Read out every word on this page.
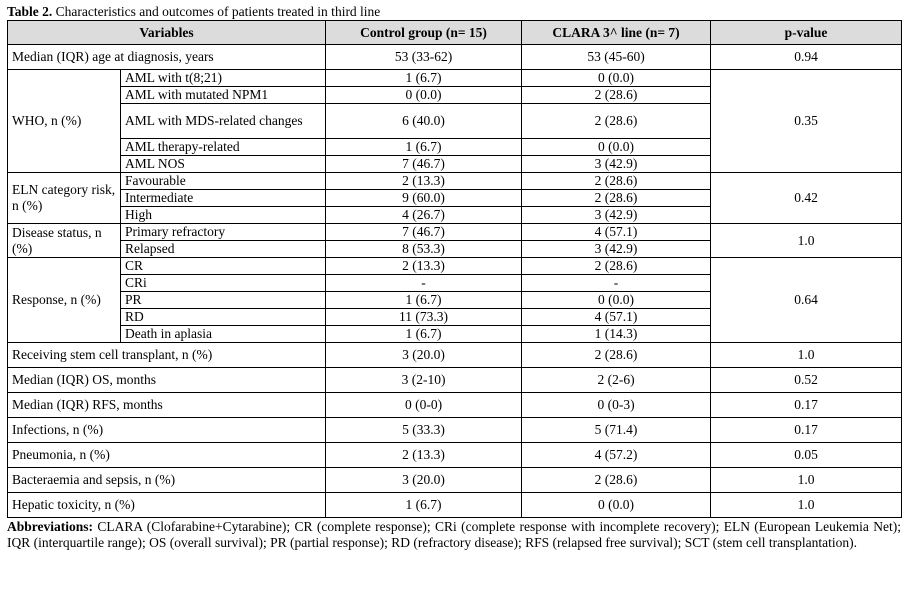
Table 2. Characteristics and outcomes of patients treated in third line
Variables		Control group (n= 15)	CLARA 3^ line (n= 7)	p-value
Median (IQR) age at diagnosis, years		53 (33-62)	53 (45-60)	0.94
WHO, n (%)	AML with t(8;21)	1 (6.7)	0 (0.0)	0.35
	AML with mutated NPM1	0 (0.0)	2 (28.6)	
	AML with MDS-related changes	6 (40.0)	2 (28.6)	
	AML therapy-related	1 (6.7)	0 (0.0)	
	AML NOS	7 (46.7)	3 (42.9)	
ELN category risk, n (%)	Favourable	2 (13.3)	2 (28.6)	0.42
	Intermediate	9 (60.0)	2 (28.6)	
	High	4 (26.7)	3 (42.9)	
Disease status, n (%)	Primary refractory	7 (46.7)	4 (57.1)	1.0
	Relapsed	8 (53.3)	3 (42.9)	
Response, n (%)	CR	2 (13.3)	2 (28.6)	0.64
	CRi	-	-	
	PR	1 (6.7)	0 (0.0)	
	RD	11 (73.3)	4 (57.1)	
	Death in aplasia	1 (6.7)	1 (14.3)	
Receiving stem cell transplant, n (%)		3 (20.0)	2 (28.6)	1.0
Median (IQR) OS, months		3 (2-10)	2 (2-6)	0.52
Median (IQR) RFS, months		0 (0-0)	0 (0-3)	0.17
Infections, n (%)		5 (33.3)	5 (71.4)	0.17
Pneumonia, n (%)		2 (13.3)	4 (57.2)	0.05
Bacteraemia and sepsis, n (%)		3 (20.0)	2 (28.6)	1.0
Hepatic toxicity, n (%)		1 (6.7)	0 (0.0)	1.0
Abbreviations: CLARA (Clofarabine+Cytarabine); CR (complete response); CRi (complete response with incomplete recovery); ELN (European Leukemia Net); IQR (interquartile range); OS (overall survival); PR (partial response); RD (refractory disease); RFS (relapsed free survival); SCT (stem cell transplantation).
